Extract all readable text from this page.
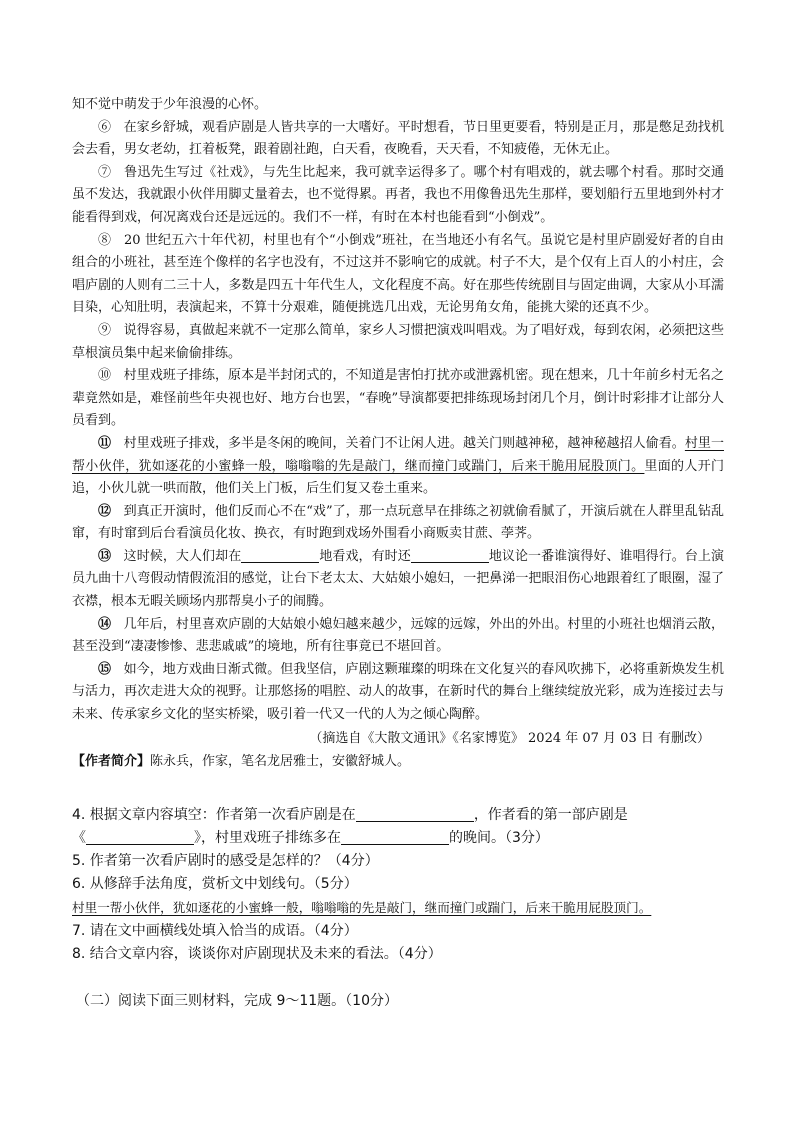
知不觉中萌发于少年浪漫的心怀。

⑥ 在家乡舒城，观看庐剧是人皆共享的一大嗜好。平时想看，节日里更要看，特别是正月，那是憋足劲找机会去看，男女老幼，扛着板凳，跟着剧社跑，白天看，夜晚看，天天看，不知疲倦，无休无止。

⑦ 鲁迅先生写过《社戏》，与先生比起来，我可就幸运得多了。哪个村有唱戏的，就去哪个村看。那时交通虽不发达，我就跟小伙伴用脚丈量着去，也不觉得累。再者，我也不用像鲁迅先生那样，要划船行五里地到外村才能看得到戏，何况离戏台还是远远的。我们不一样，有时在本村也能看到“小倒戏”。

⑧ 20 世纪五六十年代初，村里也有个“小倒戏”班社，在当地还小有名气。虽说它是村里庐剧爱好者的自由组合的小班社，甚至连个像样的名字也没有，不过这并不影响它的成就。村子不大，是个仅有上百人的小村庄，会唱庐剧的人则有二三十人，多数是四五十年代生人，文化程度不高。好在那些传统剧目与固定曲调，大家从小耳濡目染，心知肚明，表演起来，不算十分艰难，随便挑选几出戏，无论男角女角，能挑大梁的还真不少。

⑨ 说得容易，真做起来就不一定那么简单，家乡人习惯把演戏叫唱戏。为了唱好戏，每到农闲，必须把这些草根演员集中起来偷偷排练。

⑩ 村里戏班子排练，原本是半封闭式的，不知道是害怕打扰亦或泄露机密。现在想来，几十年前乡村无名之辈竟然如是，难怪前些年央视也好、地方台也罢，“春晚”导演都要把排练现场封闭几个月，倒计时彩排才让部分人员看到。

⑪ 村里戏班子排戏，多半是冬闲的晚间，关着门不让闲人进。越关门则越神秘，越神秘越招人偷看。村里一帮小伙伴，犹如逐花的小蜜蜂一般，嗡嗡嗡的先是敲门，继而撞门或踹门，后来干脆用屁股顶门。里面的人开门追，小伙儿就一哄而散，他们关上门板，后生们复又卷土重来。

⑫ 到真正开演时，他们反而心不在“戏”了，那一点玩意早在排练之初就偷看腻了，开演后就在人群里乱钻乱窜，有时窜到后台看演员化妆、换衣，有时跑到戏场外围看小商贩卖甘蔗、荸荠。

⑬ 这时候，大人们却在	地看戏，有时还	地议论一番谁演得好、谁唱得行。台上演员九曲十八弯假动情假流泪的感觉，让台下老太太、大姑娘小媳妇，一把鼻涕一把眼泪伤心地跟着红了眼圈，湿了衣襟，根本无暇关顾场内那帮臭小子的闹腾。

⑭ 几年后，村里喜欢庐剧的大姑娘小媳妇越来越少，远嫁的远嫁，外出的外出。村里的小班社也烟消云散，甚至没到“凄凄惨惨、悲悲戚戚”的境地，所有往事竟已不堪回首。

⑮ 如今，地方戏曲日渐式微。但我坚信，庐剧这颗璀璨的明珠在文化复兴的春风吹拂下，必将重新焕发生机与活力，再次走进大众的视野。让那悠扬的唱腔、动人的故事，在新时代的舞台上继续绽放光彩，成为连接过去与未来、传承家乡文化的坚实桥梁，吸引着一代又一代的人为之倾心陶醉。

（摘选自《大散文通讯》《名家博览》 2024 年 07 月 03 日 有删改）

【作者简介】陈永兵，作家，笔名龙居雅士，安徽舒城人。

4. 根据文章内容填空：作者第一次看庐剧是在	，作者看的第一部庐剧是
《	》，村里戏班子排练多在	的晚间。（3分）

5. 作者第一次看庐剧时的感受是怎样的？（4分）

6. 从修辞手法角度，赏析文中划线句。（5分）

村里一帮小伙伴，犹如逐花的小蜜蜂一般，嗡嗡嗡的先是敲门，继而撞门或踹门，后来干脆用屁股顶门。

7. 请在文中画横线处填入恰当的成语。（4分）

8. 结合文章内容，谈谈你对庐剧现状及未来的看法。（4分）

（二）阅读下面三则材料，完成 9～11题。（10分）
